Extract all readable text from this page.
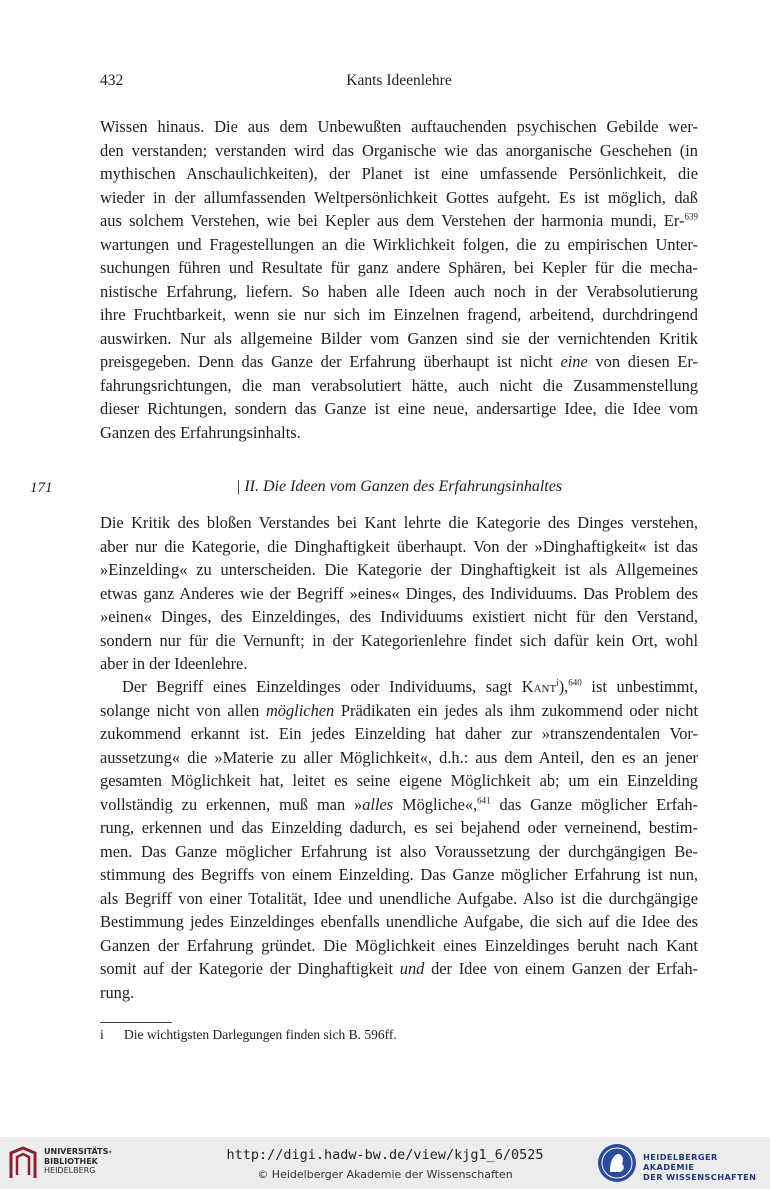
432	Kants Ideenlehre
Wissen hinaus. Die aus dem Unbewußten auftauchenden psychischen Gebilde wer-
den verstanden; verstanden wird das Organische wie das anorganische Geschehen (in
mythischen Anschaulichkeiten), der Planet ist eine umfassende Persönlichkeit, die
wieder in der allumfassenden Weltpersönlichkeit Gottes aufgeht. Es ist möglich, daß
aus solchem Verstehen, wie bei Kepler aus dem Verstehen der harmonia mundi, Er-$^{639}$
wartungen und Fragestellungen an die Wirklichkeit folgen, die zu empirischen Unter-
suchungen führen und Resultate für ganz andere Sphären, bei Kepler für die mecha-
nistische Erfahrung, liefern. So haben alle Ideen auch noch in der Verabsolutierung
ihre Fruchtbarkeit, wenn sie nur sich im Einzelnen fragend, arbeitend, durchdringend
auswirken. Nur als allgemeine Bilder vom Ganzen sind sie der vernichtenden Kritik
preisgegeben. Denn das Ganze der Erfahrung überhaupt ist nicht eine von diesen Er-
fahrungsrichtungen, die man verabsolutiert hätte, auch nicht die Zusammenstellung
dieser Richtungen, sondern das Ganze ist eine neue, andersartige Idee, die Idee vom
Ganzen des Erfahrungsinhalts.
171	| II. Die Ideen vom Ganzen des Erfahrungsinhaltes
Die Kritik des bloßen Verstandes bei Kant lehrte die Kategorie des Dinges verstehen,
aber nur die Kategorie, die Dinghaftigkeit überhaupt. Von der »Dinghaftigkeit« ist das
»Einzelding« zu unterscheiden. Die Kategorie der Dinghaftigkeit ist als Allgemeines
etwas ganz Anderes wie der Begriff »eines« Dinges, des Individuums. Das Problem des
»einen« Dinges, des Einzeldinges, des Individuums existiert nicht für den Verstand,
sondern nur für die Vernunft; in der Kategorienlehre findet sich dafür kein Ort, wohl
aber in der Ideenlehre.
Der Begriff eines Einzeldinges oder Individuums, sagt Kant$^i$),$^{640}$ ist unbestimmt,
solange nicht von allen möglichen Prädikaten ein jedes als ihm zukommend oder nicht
zukommend erkannt ist. Ein jedes Einzelding hat daher zur »transzendentalen Vor-
aussetzung« die »Materie zu aller Möglichkeit«, d.h.: aus dem Anteil, den es an jener
gesamten Möglichkeit hat, leitet es seine eigene Möglichkeit ab; um ein Einzelding
vollständig zu erkennen, muß man »alles Mögliche«,$^{641}$ das Ganze möglicher Erfah-
rung, erkennen und das Einzelding dadurch, es sei bejahend oder verneinend, bestim-
men. Das Ganze möglicher Erfahrung ist also Voraussetzung der durchgängigen Be-
stimmung des Begriffs von einem Einzelding. Das Ganze möglicher Erfahrung ist nun,
als Begriff von einer Totalität, Idee und unendliche Aufgabe. Also ist die durchgängige
Bestimmung jedes Einzeldinges ebenfalls unendliche Aufgabe, die sich auf die Idee des
Ganzen der Erfahrung gründet. Die Möglichkeit eines Einzeldinges beruht nach Kant
somit auf der Kategorie der Dinghaftigkeit und der Idee von einem Ganzen der Erfah-
rung.
i Die wichtigsten Darlegungen finden sich B. 596ff.
UNIVERSITÄTS-
BIBLIOTHEK
HEIDELBERG
http://digi.hadw-bw.de/view/kjg1_6/0525
© Heidelberger Akademie der Wissenschaften
HEIDELBERGER AKADEMIE
DER WISSENSCHAFTEN
